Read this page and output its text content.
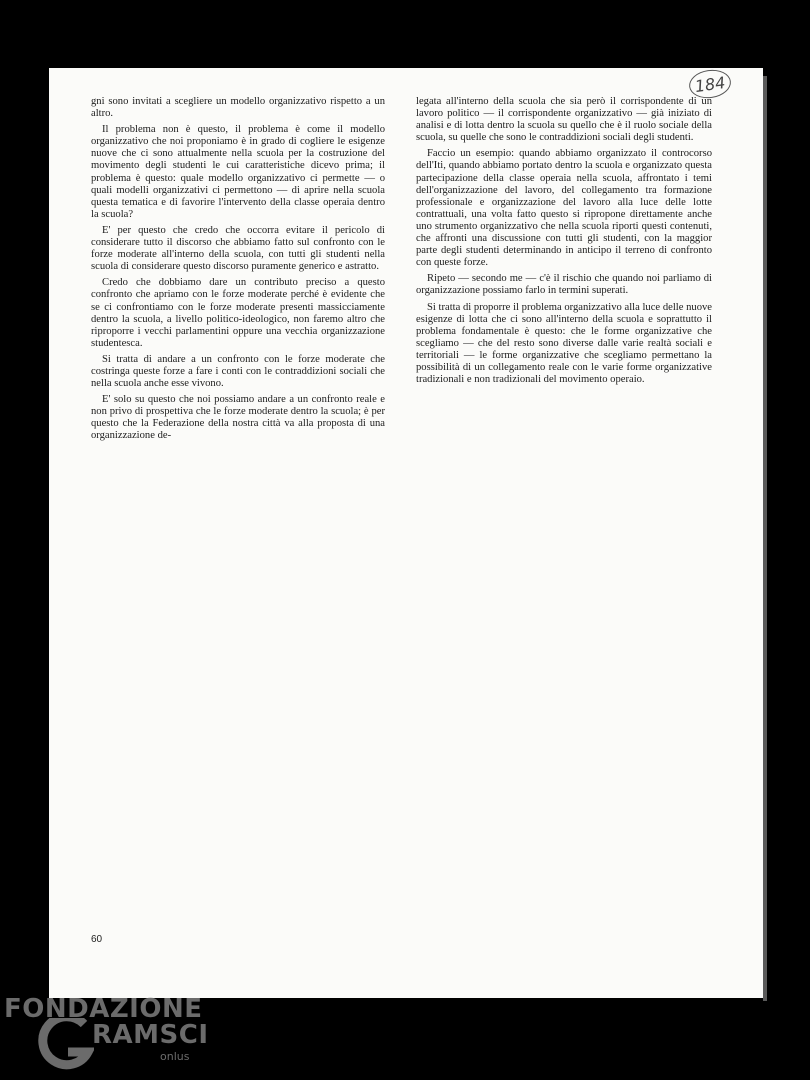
184

gni sono invitati a scegliere un modello organizzativo rispetto a un altro.

Il problema non è questo, il problema è come il modello organizzativo che noi proponiamo è in grado di cogliere le esigenze nuove che ci sono attualmente nella scuola per la costruzione del movimento degli studenti le cui caratteristiche dicevo prima; il problema è questo: quale modello organizzativo ci permette — o quali modelli organizzativi ci permettono — di aprire nella scuola questa tematica e di favorire l'intervento della classe operaia dentro la scuola?

E' per questo che credo che occorra evitare il pericolo di considerare tutto il discorso che abbiamo fatto sul confronto con le forze moderate all'interno della scuola, con tutti gli studenti nella scuola di considerare questo discorso puramente generico e astratto.

Credo che dobbiamo dare un contributo preciso a questo confronto che apriamo con le forze moderate perché è evidente che se ci confrontiamo con le forze moderate presenti massicciamente dentro la scuola, a livello politico-ideologico, non faremo altro che riproporre i vecchi parlamentini oppure una vecchia organizzazione studentesca.

Si tratta di andare a un confronto con le forze moderate che costringa queste forze a fare i conti con le contraddizioni sociali che nella scuola anche esse vivono.

E' solo su questo che noi possiamo andare a un confronto reale e non privo di prospettiva che le forze moderate dentro la scuola; è per questo che la Federazione della nostra città va alla proposta di una organizzazione de-

legata all'interno della scuola che sia però il corrispondente di un lavoro politico — il corrispondente organizzativo — già iniziato di analisi e di lotta dentro la scuola su quello che è il ruolo sociale della scuola, su quelle che sono le contraddizioni sociali degli studenti.

Faccio un esempio: quando abbiamo organizzato il controcorso dell'Iti, quando abbiamo portato dentro la scuola e organizzato questa partecipazione della classe operaia nella scuola, affrontato i temi dell'organizzazione del lavoro, del collegamento tra formazione professionale e organizzazione del lavoro alla luce delle lotte contrattuali, una volta fatto questo si ripropone direttamente anche uno strumento organizzativo che nella scuola riporti questi contenuti, che affronti una discussione con tutti gli studenti, con la maggior parte degli studenti determinando in anticipo il terreno di confronto con queste forze.

Ripeto — secondo me — c'è il rischio che quando noi parliamo di organizzazione possiamo farlo in termini superati.

Si tratta di proporre il problema organizzativo alla luce delle nuove esigenze di lotta che ci sono all'interno della scuola e soprattutto il problema fondamentale è questo: che le forme organizzative che scegliamo — che del resto sono diverse dalle varie realtà sociali e territoriali — le forme organizzative che scegliamo permettano la possibilità di un collegamento reale con le varie forme organizzative tradizionali e non tradizionali del movimento operaio.

60
FONDAZIONE
RAMSCI
onlus
